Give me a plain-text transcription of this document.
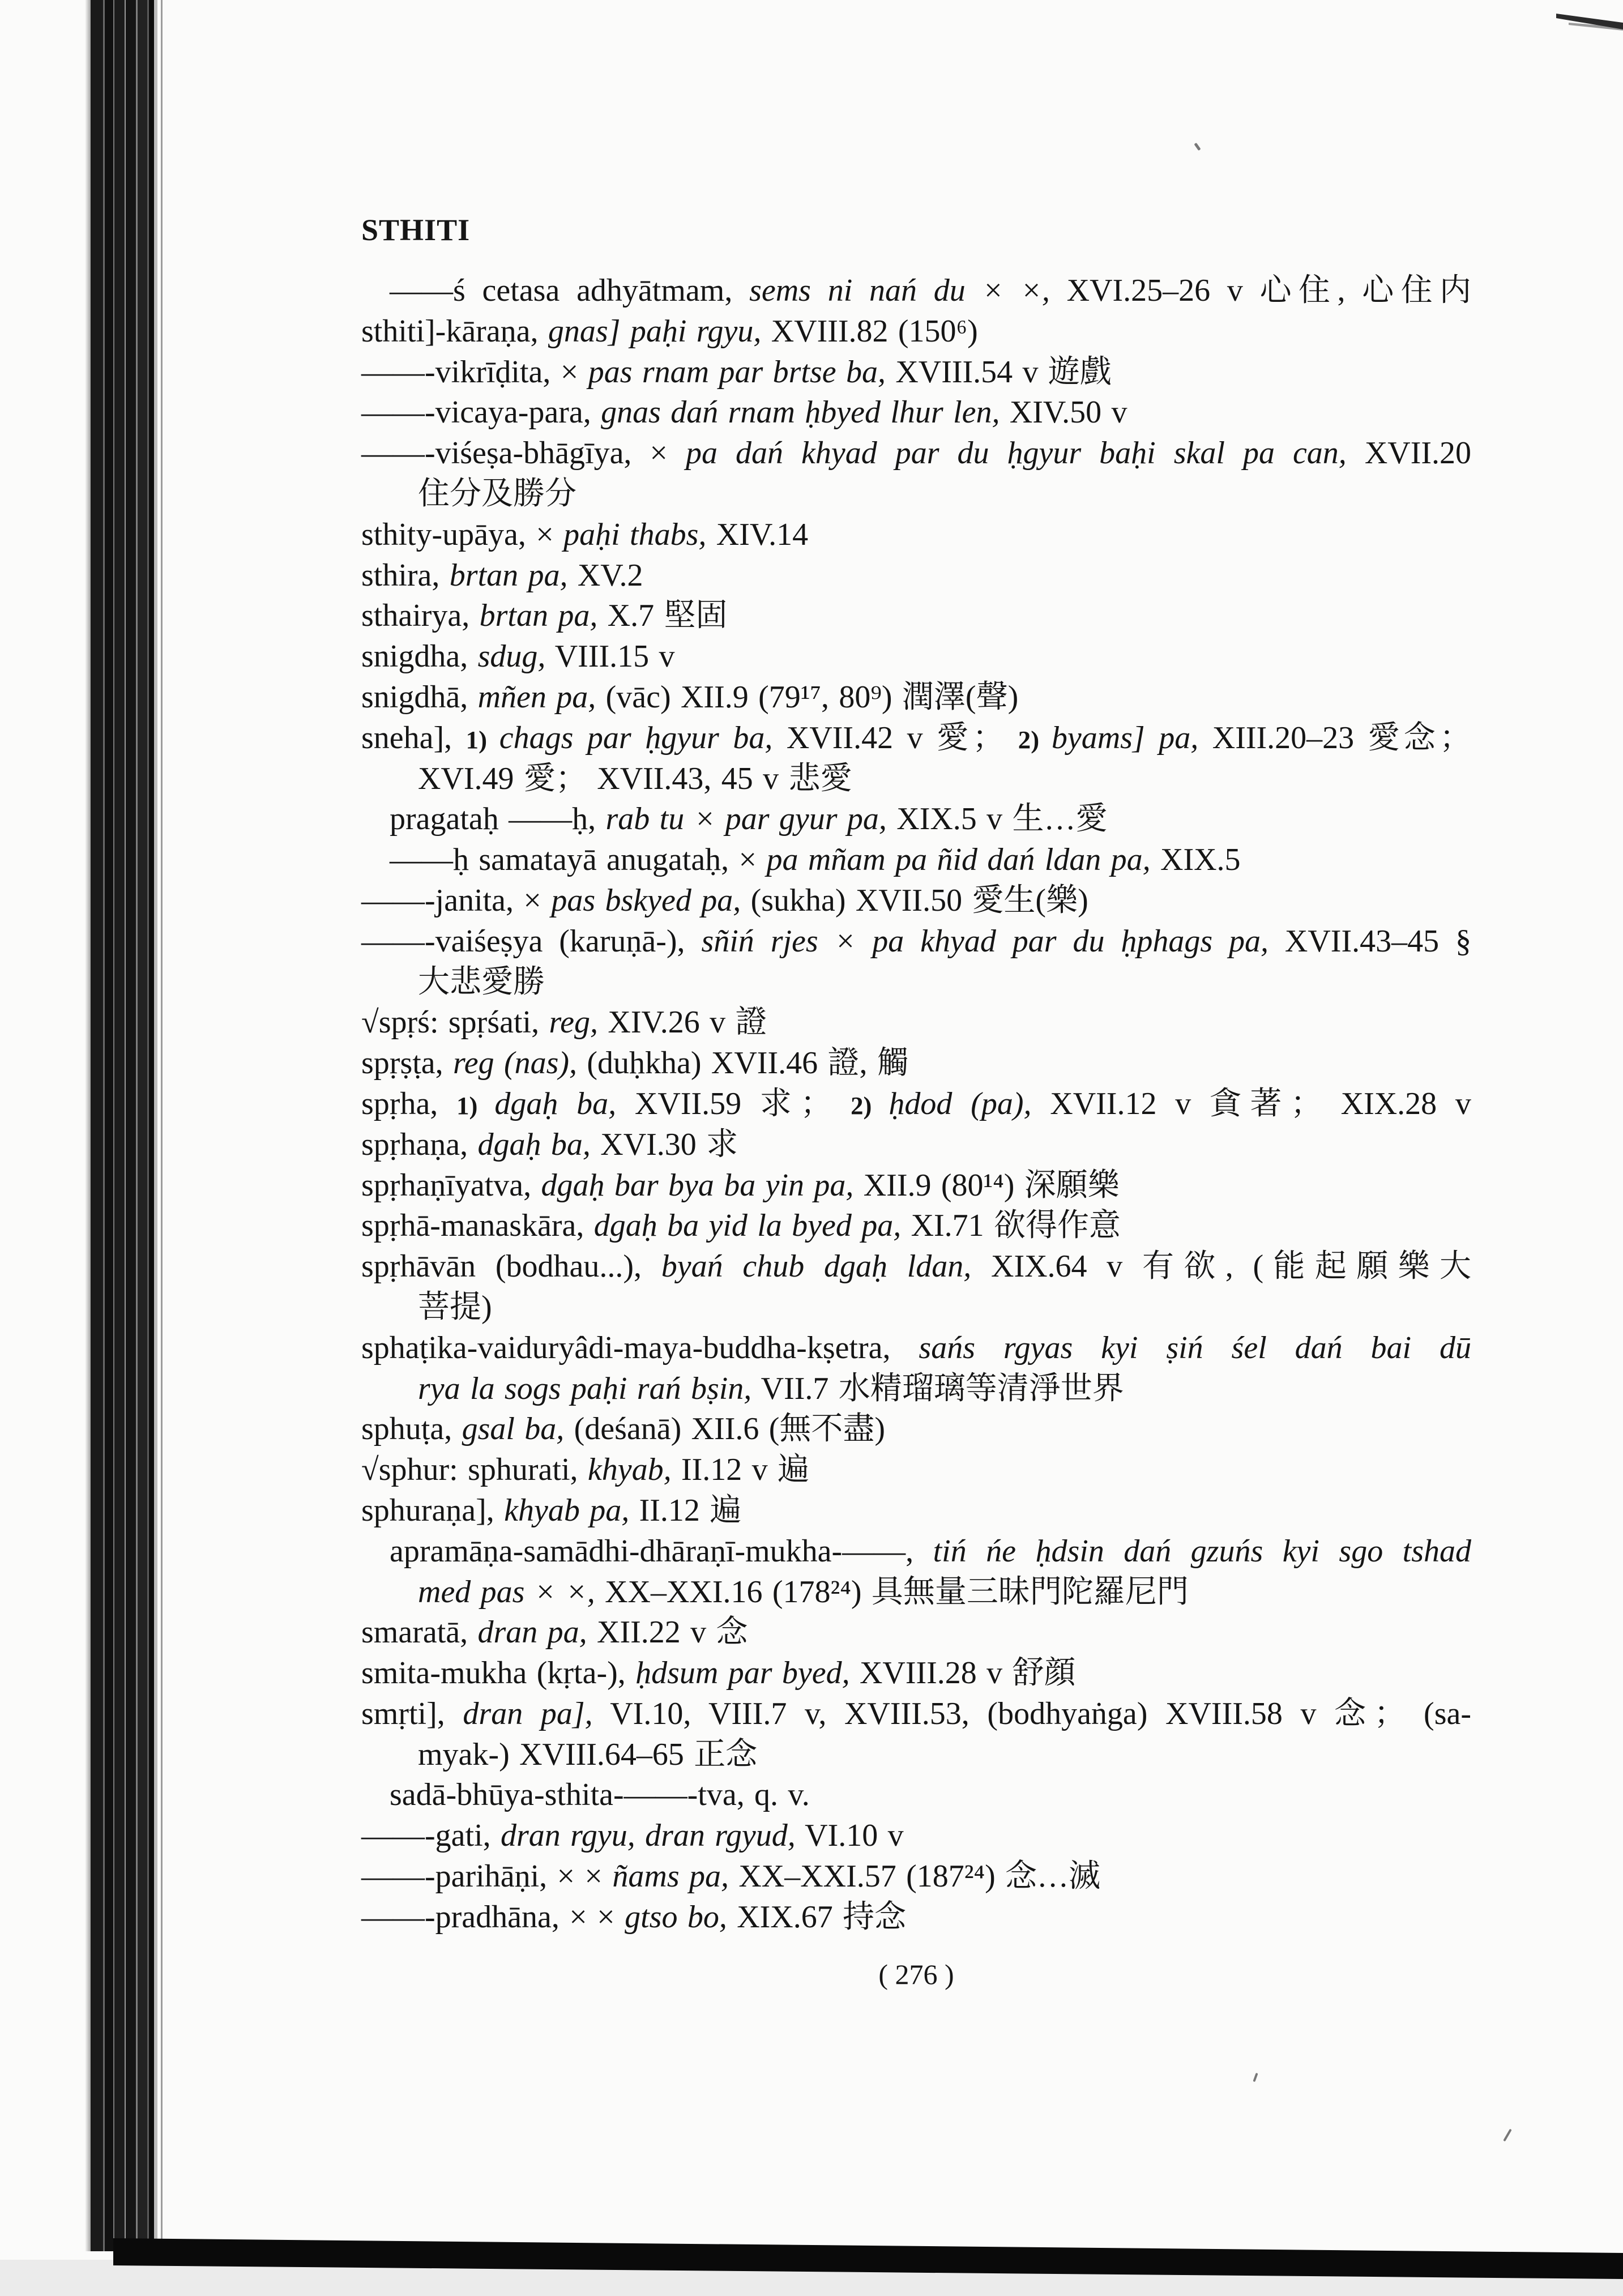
STHITI
——ś cetasa adhyātmam, sems ni nań du × ×, XVI.25–26 v 心住, 心住内
sthiti]-kāraṇa, gnas] paḥi rgyu, XVIII.82 (150⁶)
——-vikrīḍita, × pas rnam par brtse ba, XVIII.54 v 遊戲
——-vicaya-para, gnas dań rnam ḥbyed lhur len, XIV.50 v
——-viśeṣa-bhāgīya, × pa dań khyad par du ḥgyur baḥi skal pa can, XVII.20
住分及勝分
sthity-upāya, × paḥi thabs, XIV.14
sthira, brtan pa, XV.2
sthairya, brtan pa, X.7 堅固
snigdha, sdug, VIII.15 v
snigdhā, mñen pa, (vāc) XII.9 (79¹⁷, 80⁹) 潤澤(聲)
sneha], 1) chags par ḥgyur ba, XVII.42 v 愛； 2) byams] pa, XIII.20–23 愛念；
XVI.49 愛； XVII.43, 45 v 悲愛
pragataḥ ——ḥ, rab tu × par gyur pa, XIX.5 v 生…愛
——ḥ samatayā anugataḥ, × pa mñam pa ñid dań ldan pa, XIX.5
——-janita, × pas bskyed pa, (sukha) XVII.50 愛生(樂)
——-vaiśeṣya (karuṇā-), sñiń rjes × pa khyad par du ḥphags pa, XVII.43–45 §
大悲愛勝
√spṛś: spṛśati, reg, XIV.26 v 證
spṛṣṭa, reg (nas), (duḥkha) XVII.46 證, 觸
spṛha, 1) dgaḥ ba, XVII.59 求； 2) ḥdod (pa), XVII.12 v 貪著； XIX.28 v
spṛhaṇa, dgaḥ ba, XVI.30 求
spṛhaṇīyatva, dgaḥ bar bya ba yin pa, XII.9 (80¹⁴) 深願樂
spṛhā-manaskāra, dgaḥ ba yid la byed pa, XI.71 欲得作意
spṛhāvān (bodhau...), byań chub dgaḥ ldan, XIX.64 v 有欲, (能起願樂大
菩提)
sphaṭika-vaiduryâdi-maya-buddha-kṣetra, sańs rgyas kyi ṣiń śel dań bai dū
rya la sogs paḥi rań bṣin, VII.7 水精瑠璃等清淨世界
sphuṭa, gsal ba, (deśanā) XII.6 (無不盡)
√sphur: sphurati, khyab, II.12 v 遍
sphuraṇa], khyab pa, II.12 遍
apramāṇa-samādhi-dhāraṇī-mukha-——, tiń ńe ḥdsin dań gzuńs kyi sgo tshad
med pas × ×, XX–XXI.16 (178²⁴) 具無量三昧門陀羅尼門
smaratā, dran pa, XII.22 v 念
smita-mukha (kṛta-), ḥdsum par byed, XVIII.28 v 舒顔
smṛti], dran pa], VI.10, VIII.7 v, XVIII.53, (bodhyaṅga) XVIII.58 v 念； (sa-
myak-) XVIII.64–65 正念
sadā-bhūya-sthita-——-tva, q. v.
——-gati, dran rgyu, dran rgyud, VI.10 v
——-parihāṇi, × × ñams pa, XX–XXI.57 (187²⁴) 念…滅
——-pradhāna, × × gtso bo, XIX.67 持念
( 276 )
